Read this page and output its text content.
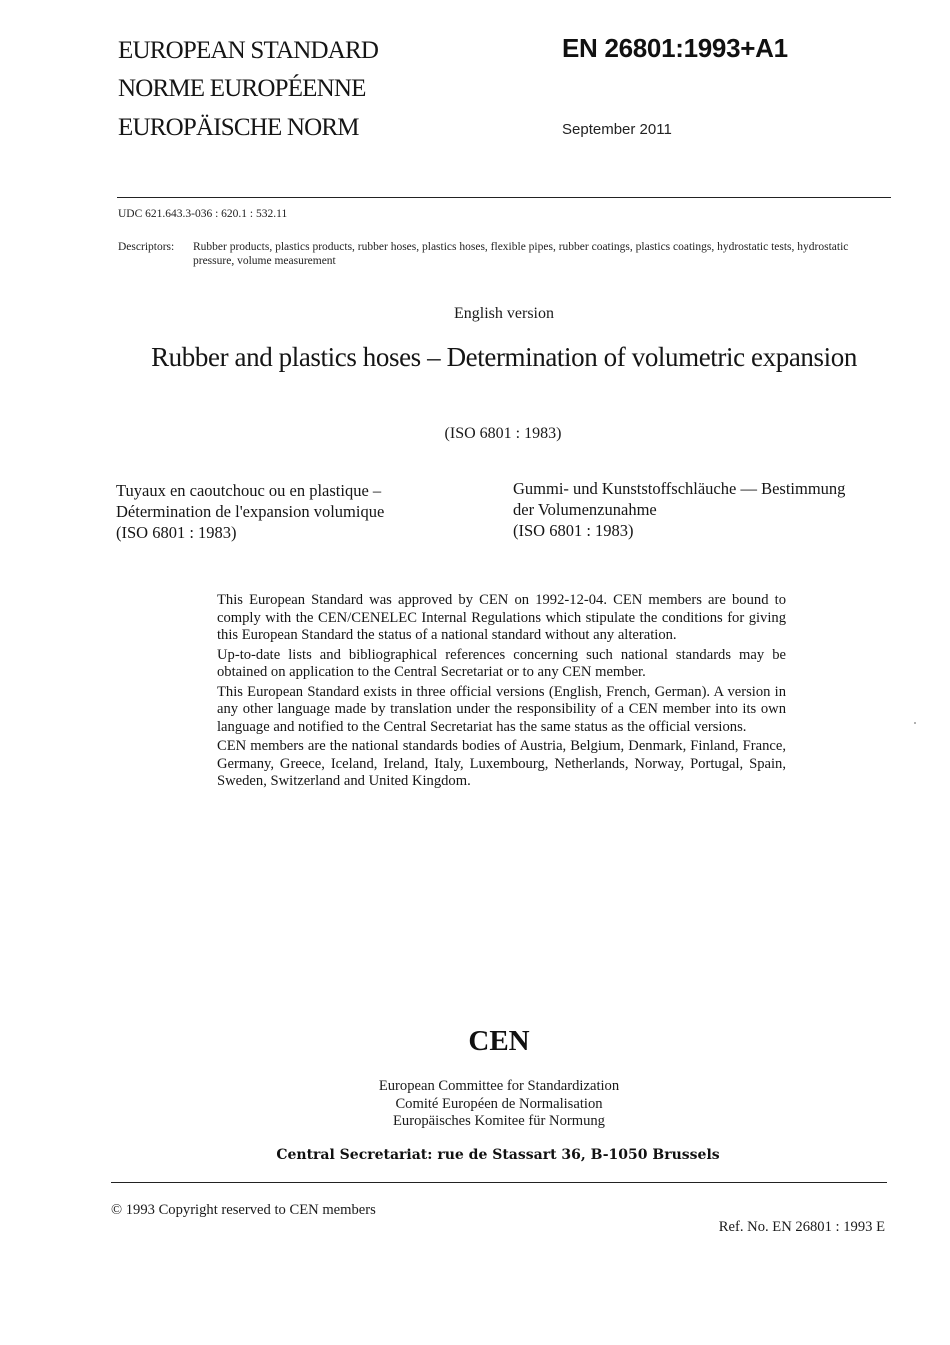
EUROPEAN STANDARD
NORME EUROPÉENNE
EUROPÄISCHE NORM
EN 26801:1993+A1
September 2011
UDC 621.643.3-036 : 620.1 : 532.11
Descriptors: Rubber products, plastics products, rubber hoses, plastics hoses, flexible pipes, rubber coatings, plastics coatings, hydrostatic tests, hydrostatic pressure, volume measurement
English version
Rubber and plastics hoses – Determination of volumetric expansion
(ISO 6801 : 1983)
Tuyaux en caoutchouc ou en plastique –
Détermination de l'expansion volumique
(ISO 6801 : 1983)
Gummi- und Kunststoffschläuche — Bestimmung
der Volumenzunahme
(ISO 6801 : 1983)

This European Standard was approved by CEN on 1992-12-04. CEN members are bound to comply with the CEN/CENELEC Internal Regulations which stipulate the conditions for giving this European Standard the status of a national standard without any alteration.

Up-to-date lists and bibliographical references concerning such national standards may be obtained on application to the Central Secretariat or to any CEN member.

This European Standard exists in three official versions (English, French, German). A version in any other language made by translation under the responsibility of a CEN member into its own language and notified to the Central Secretariat has the same status as the official versions.

CEN members are the national standards bodies of Austria, Belgium, Denmark, Finland, France, Germany, Greece, Iceland, Ireland, Italy, Luxembourg, Netherlands, Norway, Portugal, Spain, Sweden, Switzerland and United Kingdom.

CEN
European Committee for Standardization
Comité Européen de Normalisation
Europäisches Komitee für Normung
Central Secretariat: rue de Stassart 36, B-1050 Brussels
© 1993 Copyright reserved to CEN members
Ref. No. EN 26801 : 1993 E
